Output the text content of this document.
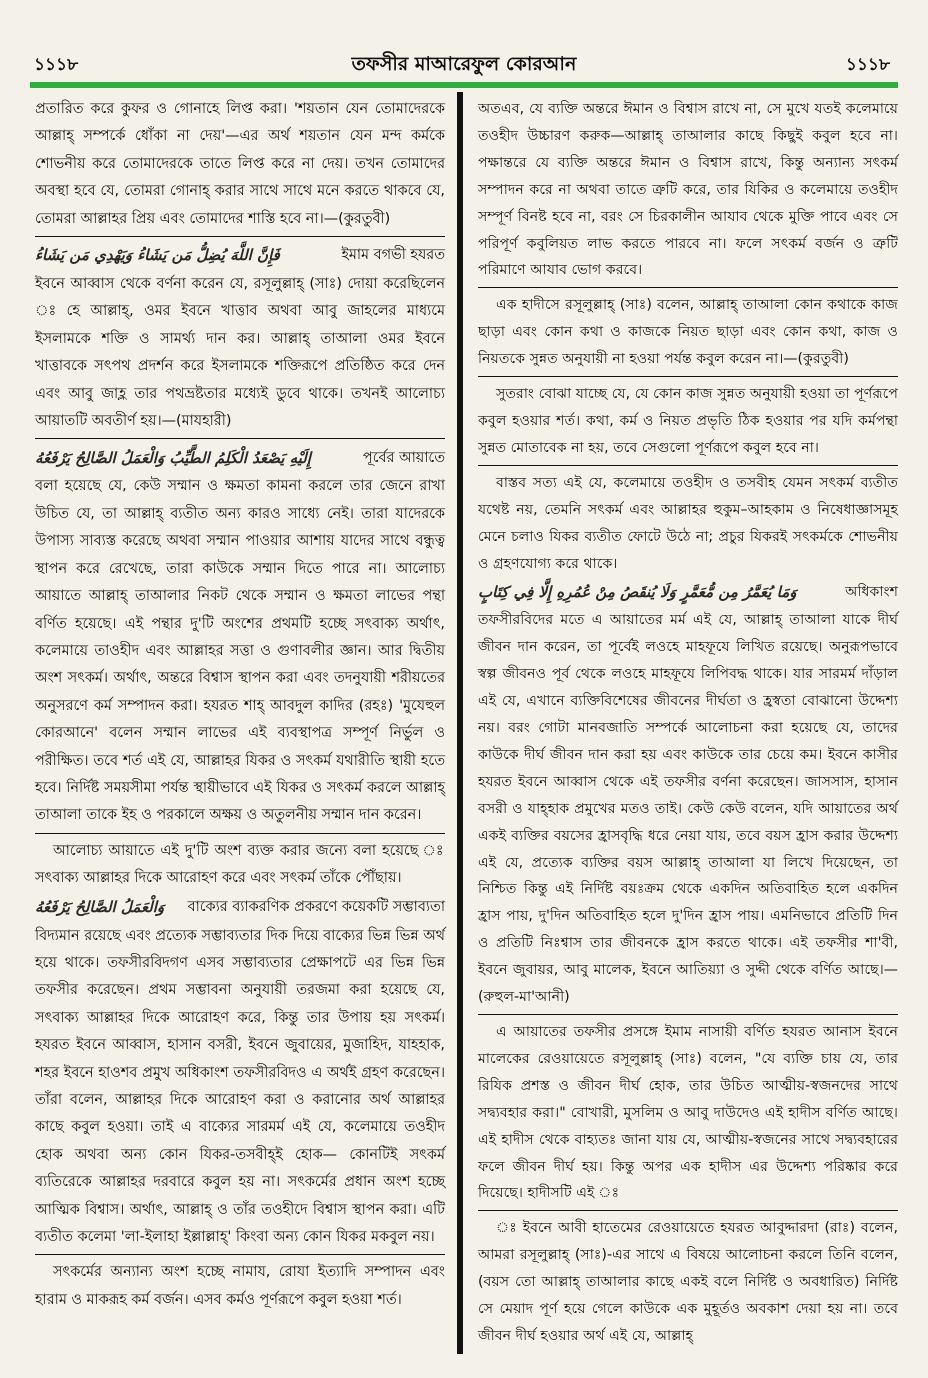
১১১৮	তফসীর মাআরেফুল কোরআন	১১১৮

প্রতারিত করে কুফর ও গোনাহে লিপ্ত করা। 'শয়তান যেন তোমাদেরকে আল্লাহ্ সম্পর্কে ধোঁকা না দেয়'—এর অর্থ শয়তান যেন মন্দ কর্মকে শোভনীয় করে তোমাদেরকে তাতে লিপ্ত করে না দেয়। তখন তোমাদের অবস্থা হবে যে, তোমরা গোনাহ্ করার সাথে সাথে মনে করতে থাকবে যে, তোমরা আল্লাহর প্রিয় এবং তোমাদের শাস্তি হবে না।—(কুরতুবী)

فَإِنَّ اللَّهَ يُضِلُّ مَن يَشَاءُ وَيَهْدِي مَن يَشَاءُ	ইমাম বগভী হযরত

ইবনে আব্বাস থেকে বর্ণনা করেন যে, রসূলুল্লাহ্ (সাঃ) দোয়া করেছিলেন ঃ হে আল্লাহ্, ওমর ইবনে খাত্তাব অথবা আবু জাহলের মাধ্যমে ইসলামকে শক্তি ও সামর্থ্য দান কর। আল্লাহ্ তাআলা ওমর ইবনে খাত্তাবকে সৎপথ প্রদর্শন করে ইসলামকে শক্তিরূপে প্রতিষ্ঠিত করে দেন এবং আবু জাহ্ল তার পথভ্রষ্টতার মধ্যেই ডুবে থাকে। তখনই আলোচ্য আয়াতটি অবতীর্ণ হয়।—(মাযহারী)

إِلَيْهِ يَصْعَدُ الْكَلِمُ الطَّيِّبُ وَالْعَمَلُ الصَّالِحُ يَرْفَعُهُ	পূর্বের আয়াতে

বলা হয়েছে যে, কেউ সম্মান ও ক্ষমতা কামনা করলে তার জেনে রাখা উচিত যে, তা আল্লাহ্ ব্যতীত অন্য কারও সাধ্যে নেই। তারা যাদেরকে উপাস্য সাব্যস্ত করেছে অথবা সম্মান পাওয়ার আশায় যাদের সাথে বন্ধুত্ব স্থাপন করে রেখেছে, তারা কাউকে সম্মান দিতে পারে না। আলোচ্য আয়াতে আল্লাহ্ তাআলার নিকট থেকে সম্মান ও ক্ষমতা লাভের পন্থা বর্ণিত হয়েছে। এই পন্থার দু'টি অংশের প্রথমটি হচ্ছে সৎবাক্য অর্থাৎ, কলেমায়ে তাওহীদ এবং আল্লাহর সত্তা ও গুণাবলীর জ্ঞান। আর দ্বিতীয় অংশ সৎকর্ম। অর্থাৎ, অন্তরে বিশ্বাস স্থাপন করা এবং তদনুযায়ী শরীয়তের অনুসরণে কর্ম সম্পাদন করা। হযরত শাহ্ আবদুল কাদির (রহঃ) 'মুযেহুল কোরআনে' বলেন সম্মান লাভের এই ব্যবস্থাপত্র সম্পূর্ণ নির্ভুল ও পরীক্ষিত। তবে শর্ত এই যে, আল্লাহর যিকর ও সৎকর্ম যথারীতি স্থায়ী হতে হবে। নির্দিষ্ট সময়সীমা পর্যন্ত স্থায়ীভাবে এই যিকর ও সৎকর্ম করলে আল্লাহ্ তাআলা তাকে ইহ ও পরকালে অক্ষয় ও অতুলনীয় সম্মান দান করেন।

আলোচ্য আয়াতে এই দু'টি অংশ ব্যক্ত করার জন্যে বলা হয়েছে ঃ সৎবাক্য আল্লাহর দিকে আরোহণ করে এবং সৎকর্ম তাঁকে পৌঁছায়।

وَالْعَمَلُ الصَّالِحُ يَرْفَعُهُ বাক্যের ব্যাকরণিক প্রকরণে কয়েকটি সম্ভাব্যতা

বিদ্যমান রয়েছে এবং প্রত্যেক সম্ভাব্যতার দিক দিয়ে বাক্যের ভিন্ন ভিন্ন অর্থ হয়ে থাকে। তফসীরবিদগণ এসব সম্ভাব্যতার প্রেক্ষাপটে এর ভিন্ন ভিন্ন তফসীর করেছেন। প্রথম সম্ভাবনা অনুযায়ী তরজমা করা হয়েছে যে, সৎবাক্য আল্লাহর দিকে আরোহণ করে, কিন্তু তার উপায় হয় সৎকর্ম। হযরত ইবনে আব্বাস, হাসান বসরী, ইবনে জুবায়ের, মুজাহিদ, যাহহাক, শহর ইবনে হাওশব প্রমুখ অধিকাংশ তফসীরবিদও এ অর্থই গ্রহণ করেছেন। তাঁরা বলেন, আল্লাহর দিকে আরোহণ করা ও করানোর অর্থ আল্লাহর কাছে কবুল হওয়া। তাই এ বাক্যের সারমর্ম এই যে, কলেমায়ে তওহীদ হোক অথবা অন্য কোন যিকর-তসবীহ্ই হোক— কোনটিই সৎকর্ম ব্যতিরেকে আল্লাহর দরবারে কবুল হয় না। সৎকর্মের প্রধান অংশ হচ্ছে আত্মিক বিশ্বাস। অর্থাৎ, আল্লাহ্ ও তাঁর তওহীদে বিশ্বাস স্থাপন করা। এটি ব্যতীত কলেমা 'লা-ইলাহা ইল্লাল্লাহ্' কিংবা অন্য কোন যিকর মকবুল নয়।

সৎকর্মের অন্যান্য অংশ হচ্ছে নামায, রোযা ইত্যাদি সম্পাদন এবং হারাম ও মাকরূহ কর্ম বর্জন। এসব কর্মও পূর্ণরূপে কবুল হওয়া শর্ত।

অতএব, যে ব্যক্তি অন্তরে ঈমান ও বিশ্বাস রাখে না, সে মুখে যতই কলেমায়ে তওহীদ উচ্চারণ করুক—আল্লাহ্ তাআলার কাছে কিছুই কবুল হবে না। পক্ষান্তরে যে ব্যক্তি অন্তরে ঈমান ও বিশ্বাস রাখে, কিন্তু অন্যান্য সৎকর্ম সম্পাদন করে না অথবা তাতে ত্রুটি করে, তার যিকির ও কলেমায়ে তওহীদ সম্পূর্ণ বিনষ্ট হবে না, বরং সে চিরকালীন আযাব থেকে মুক্তি পাবে এবং সে পরিপূর্ণ কবুলিয়ত লাভ করতে পারবে না। ফলে সৎকর্ম বর্জন ও ত্রুটি পরিমাণে আযাব ভোগ করবে।

এক হাদীসে রসূলুল্লাহ্ (সাঃ) বলেন, আল্লাহ্ তাআলা কোন কথাকে কাজ ছাড়া এবং কোন কথা ও কাজকে নিয়ত ছাড়া এবং কোন কথা, কাজ ও নিয়তকে সুন্নত অনুযায়ী না হওয়া পর্যন্ত কবুল করেন না।—(কুরতুবী)

সুতরাং বোঝা যাচ্ছে যে, যে কোন কাজ সুন্নত অনুযায়ী হওয়া তা পূর্ণরূপে কবুল হওয়ার শর্ত। কথা, কর্ম ও নিয়ত প্রভৃতি ঠিক হওয়ার পর যদি কর্মপন্থা সুন্নত মোতাবেক না হয়, তবে সেগুলো পূর্ণরূপে কবুল হবে না।

বাস্তব সত্য এই যে, কলেমায়ে তওহীদ ও তসবীহ যেমন সৎকর্ম ব্যতীত যথেষ্ট নয়, তেমনি সৎকর্ম এবং আল্লাহর হুকুম–আহকাম ও নিষেধাজ্ঞাসমূহ মেনে চলাও যিকর ব্যতীত ফোটে উঠে না; প্রচুর যিকরই সৎকর্মকে শোভনীয় ও গ্রহণযোগ্য করে থাকে।

وَمَا يُعَمَّرُ مِن مُّعَمَّرٍ وَلَا يُنقَصُ مِنْ عُمُرِهِ إِلَّا فِي كِتَابٍ	অধিকাংশ

তফসীরবিদের মতে এ আয়াতের মর্ম এই যে, আল্লাহ্ তাআলা যাকে দীর্ঘ জীবন দান করেন, তা পূর্বেই লওহে মাহফূযে লিখিত রয়েছে। অনুরূপভাবে স্বল্প জীবনও পূর্ব থেকে লওহে মাহফূযে লিপিবদ্ধ থাকে। যার সারমর্ম দাঁড়াল এই যে, এখানে ব্যক্তিবিশেষের জীবনের দীর্ঘতা ও হ্রস্বতা বোঝানো উদ্দেশ্য নয়। বরং গোটা মানবজাতি সম্পর্কে আলোচনা করা হয়েছে যে, তাদের কাউকে দীর্ঘ জীবন দান করা হয় এবং কাউকে তার চেয়ে কম। ইবনে কাসীর হযরত ইবনে আব্বাস থেকে এই তফসীর বর্ণনা করেছেন। জাসসাস, হাসান বসরী ও যাহ্হাক প্রমুখের মতও তাই। কেউ কেউ বলেন, যদি আয়াতের অর্থ একই ব্যক্তির বয়সের হ্রাসবৃদ্ধি ধরে নেয়া যায়, তবে বয়স হ্রাস করার উদ্দেশ্য এই যে, প্রত্যেক ব্যক্তির বয়স আল্লাহ্ তাআলা যা লিখে দিয়েছেন, তা নিশ্চিত কিন্তু এই নির্দিষ্ট বয়ঃক্রম থেকে একদিন অতিবাহিত হলে একদিন হ্রাস পায়, দু'দিন অতিবাহিত হলে দু'দিন হ্রাস পায়। এমনিভাবে প্রতিটি দিন ও প্রতিটি নিঃশ্বাস তার জীবনকে হ্রাস করতে থাকে। এই তফসীর শা'বী, ইবনে জুবায়র, আবু মালেক, ইবনে আতিয়্যা ও সুদ্দী থেকে বর্ণিত আছে।—(রুহুল-মা'আনী)

এ আয়াতের তফসীর প্রসঙ্গে ইমাম নাসায়ী বর্ণিত হযরত আনাস ইবনে মালেকের রেওয়ায়েতে রসূলুল্লাহ্ (সাঃ) বলেন, "যে ব্যক্তি চায় যে, তার রিযিক প্রশস্ত ও জীবন দীর্ঘ হোক, তার উচিত আত্মীয়-স্বজনদের সাথে সদ্ব্যবহার করা।" বোখারী, মুসলিম ও আবু দাউদেও এই হাদীস বর্ণিত আছে। এই হাদীস থেকে বাহ্যতঃ জানা যায় যে, আত্মীয়-স্বজনের সাথে সদ্ব্যবহারের ফলে জীবন দীর্ঘ হয়। কিন্তু অপর এক হাদীস এর উদ্দেশ্য পরিষ্কার করে দিয়েছে। হাদীসটি এই ঃ

ঃ ইবনে আবী হাতেমের রেওয়ায়েতে হযরত আবুদ্দারদা (রাঃ) বলেন, আমরা রসূলুল্লাহ্ (সাঃ)-এর সাথে এ বিষয়ে আলোচনা করলে তিনি বলেন, (বয়স তো আল্লাহ্ তাআলার কাছে একই বলে নির্দিষ্ট ও অবধারিত) নির্দিষ্ট সে মেয়াদ পূর্ণ হয়ে গেলে কাউকে এক মুহূর্তও অবকাশ দেয়া হয় না। তবে জীবন দীর্ঘ হওয়ার অর্থ এই যে, আল্লাহ্
